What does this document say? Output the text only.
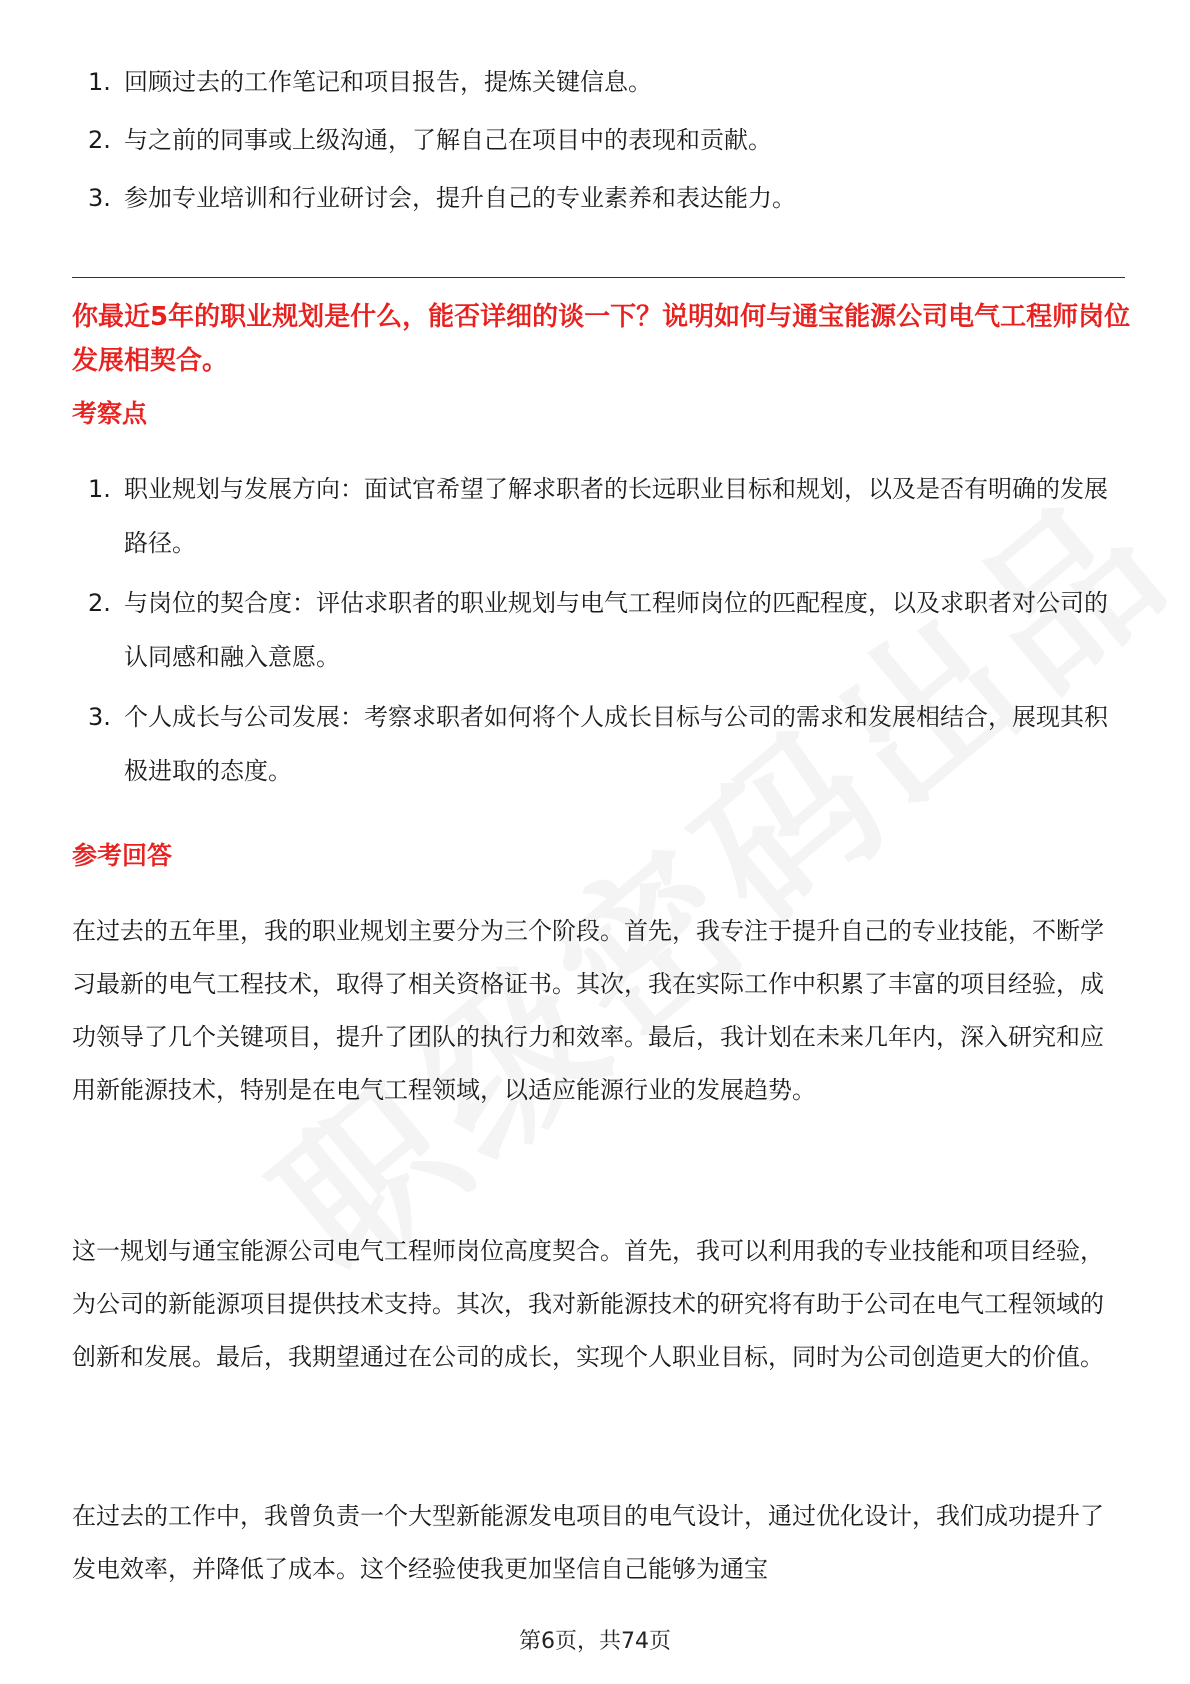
1. 回顾过去的工作笔记和项目报告，提炼关键信息。
2. 与之前的同事或上级沟通，了解自己在项目中的表现和贡献。
3. 参加专业培训和行业研讨会，提升自己的专业素养和表达能力。
你最近5年的职业规划是什么，能否详细的谈一下？说明如何与通宝能源公司电气工程师岗位发展相契合。
考察点
1. 职业规划与发展方向：面试官希望了解求职者的长远职业目标和规划，以及是否有明确的发展路径。
2. 与岗位的契合度：评估求职者的职业规划与电气工程师岗位的匹配程度，以及求职者对公司的认同感和融入意愿。
3. 个人成长与公司发展：考察求职者如何将个人成长目标与公司的需求和发展相结合，展现其积极进取的态度。
参考回答

在过去的五年里，我的职业规划主要分为三个阶段。首先，我专注于提升自己的专业技能，不断学习最新的电气工程技术，取得了相关资格证书。其次，我在实际工作中积累了丰富的项目经验，成功领导了几个关键项目，提升了团队的执行力和效率。最后，我计划在未来几年内，深入研究和应用新能源技术，特别是在电气工程领域，以适应能源行业的发展趋势。

这一规划与通宝能源公司电气工程师岗位高度契合。首先，我可以利用我的专业技能和项目经验，为公司的新能源项目提供技术支持。其次，我对新能源技术的研究将有助于公司在电气工程领域的创新和发展。最后，我期望通过在公司的成长，实现个人职业目标，同时为公司创造更大的价值。

在过去的工作中，我曾负责一个大型新能源发电项目的电气设计，通过优化设计，我们成功提升了发电效率，并降低了成本。这个经验使我更加坚信自己能够为通宝

第6页，共74页
